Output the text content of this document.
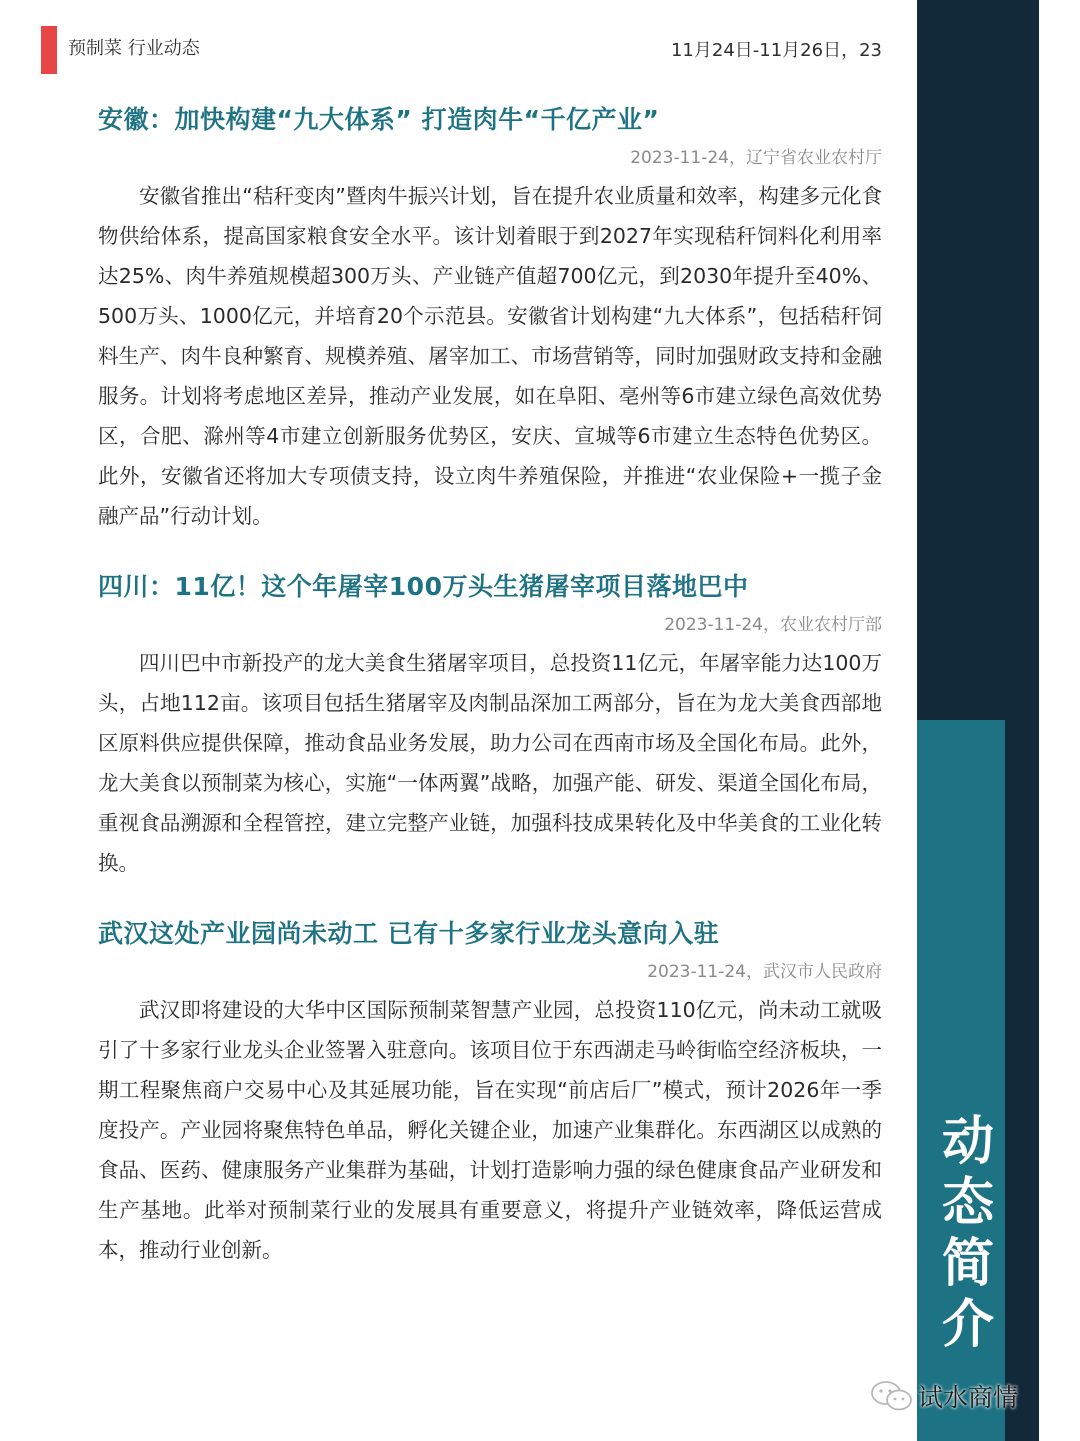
预制菜 行业动态	11月24日-11月26日，23
动
态
简
介
安徽：加快构建“九大体系” 打造肉牛“千亿产业”
2023-11-24，辽宁省农业农村厅

安徽省推出“秸秆变肉”暨肉牛振兴计划，旨在提升农业质量和效率，构建多元化食物供给体系，提高国家粮食安全水平。该计划着眼于到2027年实现秸秆饲料化利用率达25%、肉牛养殖规模超300万头、产业链产值超700亿元，到2030年提升至40%、500万头、1000亿元，并培育20个示范县。安徽省计划构建“九大体系”，包括秸秆饲料生产、肉牛良种繁育、规模养殖、屠宰加工、市场营销等，同时加强财政支持和金融服务。计划将考虑地区差异，推动产业发展，如在阜阳、亳州等6市建立绿色高效优势区，合肥、滁州等4市建立创新服务优势区，安庆、宣城等6市建立生态特色优势区。此外，安徽省还将加大专项债支持，设立肉牛养殖保险，并推进“农业保险+一揽子金融产品”行动计划。

四川：11亿！这个年屠宰100万头生猪屠宰项目落地巴中
2023-11-24，农业农村厅部

四川巴中市新投产的龙大美食生猪屠宰项目，总投资11亿元，年屠宰能力达100万头，占地112亩。该项目包括生猪屠宰及肉制品深加工两部分，旨在为龙大美食西部地区原料供应提供保障，推动食品业务发展，助力公司在西南市场及全国化布局。此外，龙大美食以预制菜为核心，实施“一体两翼”战略，加强产能、研发、渠道全国化布局，重视食品溯源和全程管控，建立完整产业链，加强科技成果转化及中华美食的工业化转换。

武汉这处产业园尚未动工 已有十多家行业龙头意向入驻
2023-11-24，武汉市人民政府

武汉即将建设的大华中区国际预制菜智慧产业园，总投资110亿元，尚未动工就吸引了十多家行业龙头企业签署入驻意向。该项目位于东西湖走马岭街临空经济板块，一期工程聚焦商户交易中心及其延展功能，旨在实现“前店后厂”模式，预计2026年一季度投产。产业园将聚焦特色单品，孵化关键企业，加速产业集群化。东西湖区以成熟的食品、医药、健康服务产业集群为基础，计划打造影响力强的绿色健康食品产业研发和生产基地。此举对预制菜行业的发展具有重要意义，将提升产业链效率，降低运营成本，推动行业创新。

试水商情
